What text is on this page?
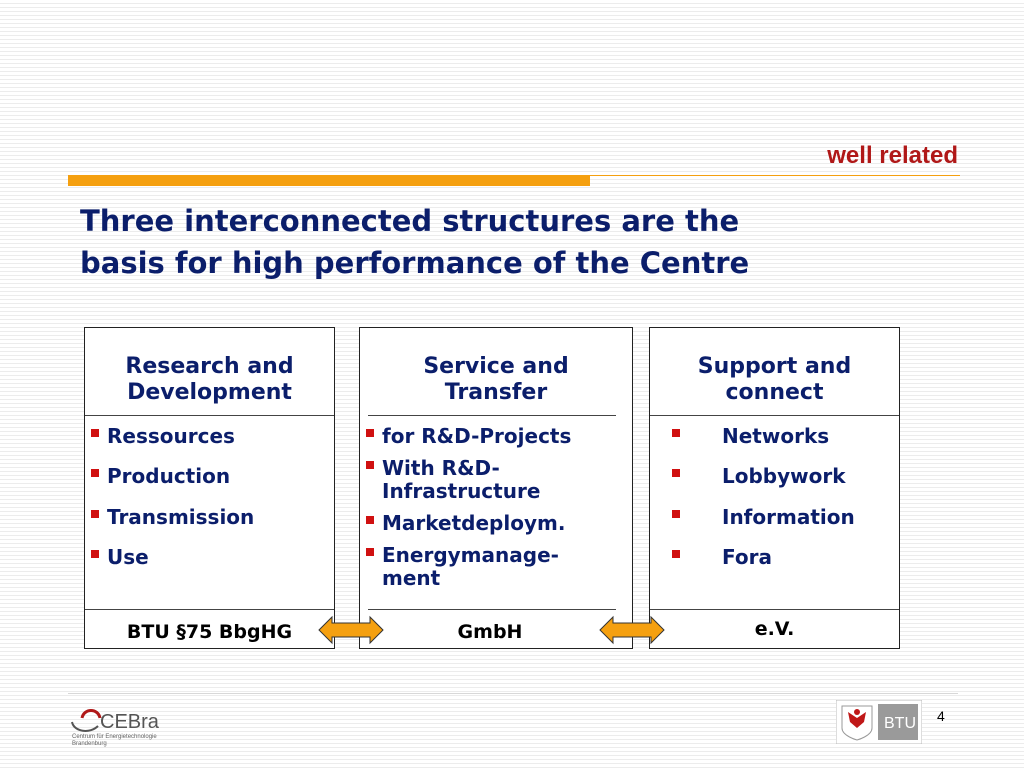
well related

Three interconnected structures are the
basis for high performance of the Centre
Research and
Development
Ressources
Production
Transmission
Use
BTU §75 BbgHG
Service and
Transfer
for R&D-Projects
With R&D-
Infrastructure
Marketdeploym.
Energymanage-
ment
GmbH
Support and
connect
Networks
Lobbywork
Information
Fora
e.V.
CEBra
Centrum für Energietechnologie
Brandenburg
BTU 4
